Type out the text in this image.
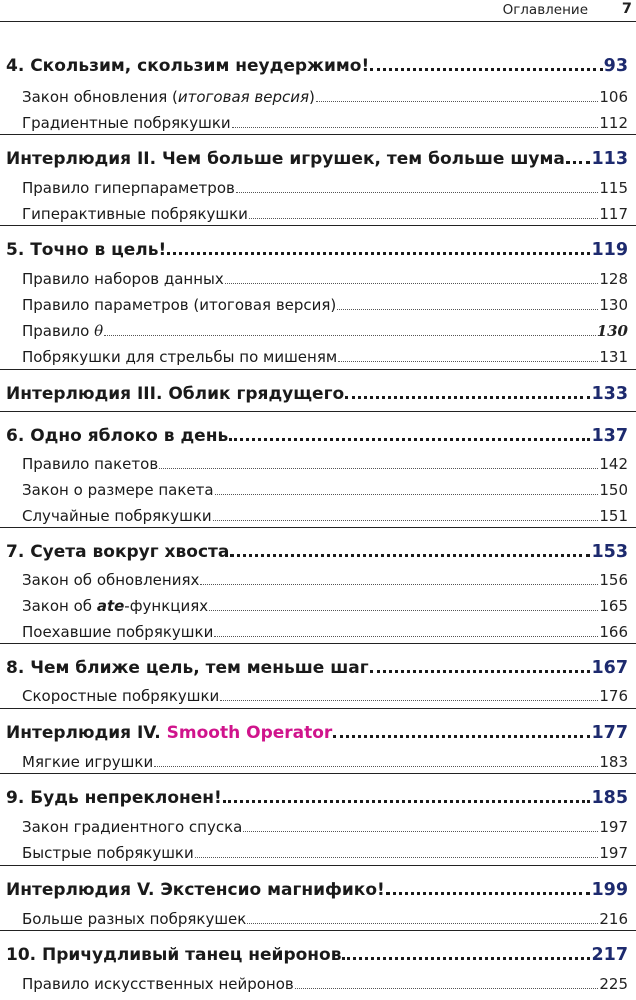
Оглавление 7
4. Скользим, скользим неудержимо!	93
Закон обновления (итоговая версия)	106
Градиентные побрякушки	112
Интерлюдия II. Чем больше игрушек, тем больше шума 113
Правило гиперпараметров	115
Гиперактивные побрякушки	117
5. Точно в цель!	119
Правило наборов данных	128
Правило параметров (итоговая версия)	130
Правило θ	130
Побрякушки для стрельбы по мишеням	131
Интерлюдия III. Облик грядущего	133
6. Одно яблоко в день	137
Правило пакетов	142
Закон о размере пакета	150
Случайные побрякушки	151
7. Суета вокруг хвоста	153
Закон об обновлениях	156
Закон об ate-функциях	165
Поехавшие побрякушки	166
8. Чем ближе цель, тем меньше шаг	167
Скоростные побрякушки	176
Интерлюдия IV. Smooth Operator	177
Мягкие игрушки	183
9. Будь непреклонен!	185
Закон градиентного спуска	197
Быстрые побрякушки	197
Интерлюдия V. Экстенсио магнифико!	199
Больше разных побрякушек	216
10. Причудливый танец нейронов	217
Правило искусственных нейронов	225
